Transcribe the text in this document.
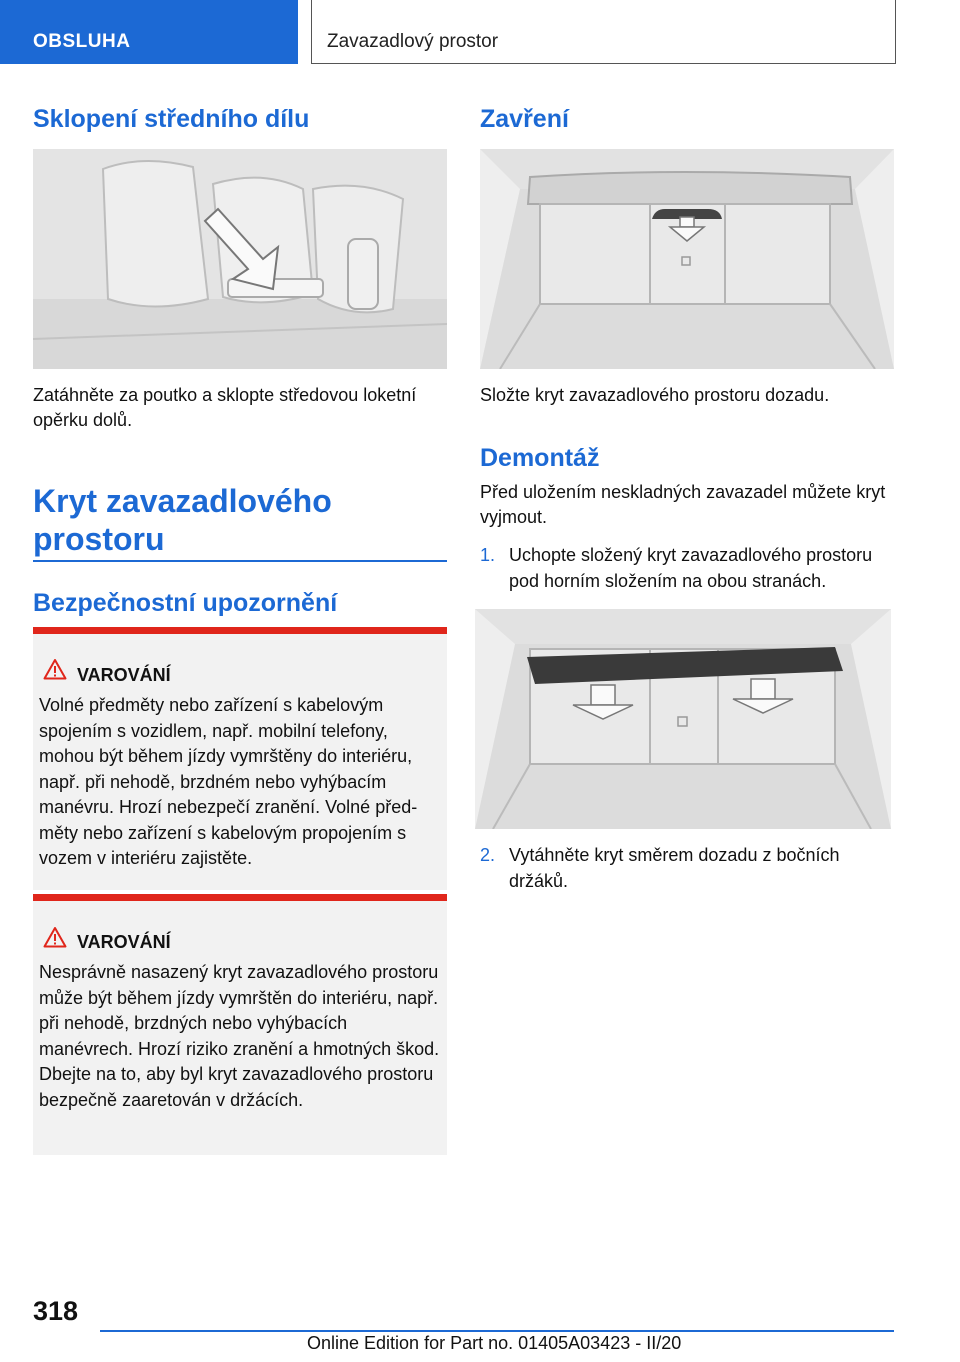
OBSLUHA	Zavazadlový prostor
Sklopení středního dílu

Zatáhněte za poutko a sklopte středovou loketní opěrku dolů.

Kryt zavazadlového
prostoru
Bezpečnostní upozornění
VAROVÁNÍ

Volné předměty nebo zařízení s kabelovým spojením s vozidlem, např. mobilní telefony, mohou být během jízdy vymrštěny do interiéru, např. při nehodě, brzdném nebo vyhýbacím manévru. Hrozí nebezpečí zranění. Volné předměty nebo zařízení s kabelovým propojením s vozem v interiéru zajistěte.

VAROVÁNÍ

Nesprávně nasazený kryt zavazadlového prostoru může být během jízdy vymrštěn do interiéru, např. při nehodě, brzdných nebo vyhýbacích manévrech. Hrozí riziko zranění a hmotných škod. Dbejte na to, aby byl kryt zavazadlového prostoru bezpečně zaaretován v držácích.

Zavření

Složte kryt zavazadlového prostoru dozadu.

Demontáž

Před uložením neskladných zavazadel můžete kryt vyjmout.

1. Uchopte složený kryt zavazadlového prostoru pod horním složením na obou stranách.

2. Vytáhněte kryt směrem dozadu z bočních držáků.

318
Online Edition for Part no. 01405A03423 - II/20
